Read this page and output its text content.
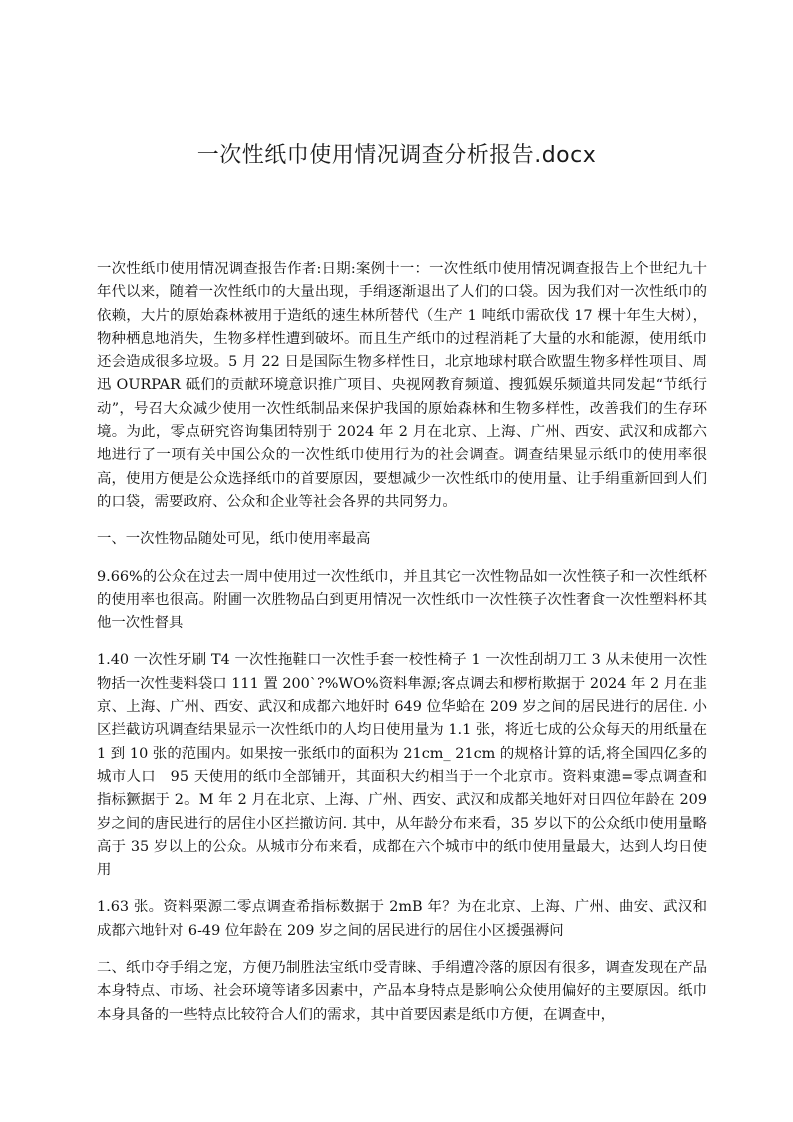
一次性纸巾使用情况调查分析报告.docx

一次性纸巾使用情况调查报告作者:日期:案例十一：一次性纸巾使用情况调查报告上个世纪九十年代以来，随着一次性纸巾的大量出现，手绢逐渐退出了人们的口袋。因为我们对一次性纸巾的依赖，大片的原始森林被用于造纸的速生林所替代（生产 1 吨纸巾需砍伐 17 棵十年生大树），物种栖息地消失，生物多样性遭到破坏。而且生产纸巾的过程消耗了大量的水和能源，使用纸巾还会造成很多垃圾。5 月 22 日是国际生物多样性日，北京地球村联合欧盟生物多样性项目、周迅 OURPAR 砥们的贡献环境意识推广项目、央视网教育频道、搜狐娱乐频道共同发起“节纸行动”，号召大众减少使用一次性纸制品来保护我国的原始森林和生物多样性，改善我们的生存环境。为此，零点研究咨询集团特别于 2024 年 2 月在北京、上海、广州、西安、武汉和成都六地进行了一项有关中国公众的一次性纸巾使用行为的社会调查。调查结果显示纸巾的使用率很高，使用方便是公众选择纸巾的首要原因，要想减少一次性纸巾的使用量、让手绢重新回到人们的口袋，需要政府、公众和企业等社会各界的共同努力。

一、一次性物品随处可见，纸巾使用率最高

9.66%的公众在过去一周中使用过一次性纸巾，并且其它一次性物品如一次性筷子和一次性纸杯的使用率也很高。附圃一次胜物品白到更用情况一次性纸巾一次性筷子次性奢食一次性塑料杯其他一次性督具

1.40 一次性牙刷 T4 一次性拖鞋口一次性手套一校性椅子 1 一次性刮胡刀工 3 从未使用一次性物括一次性斐料袋口 111 置 200`?%WO%资料隼源;客点调去和椤桁欺据于 2024 年 2 月在韭京、上海、广州、西安、武汉和成都六地奸时 649 位华蛤在 209 岁之间的居民进行的居住. 小区拦截访巩调查结果显示一次性纸巾的人均日使用量为 1.1 张，将近七成的公众每天的用纸量在 1 到 10 张的范围内。如果按一张纸巾的面积为 21cm_ 21cm 的规格计算的话,将全国四亿多的城市人口　95 天使用的纸巾全部铺开，其面积大约相当于一个北京市。资料東漶=零点调查和指标獗据于 2。M 年 2 月在北京、上海、广州、西安、武汉和成都关地奸对日四位年龄在 209 岁之间的唐民进行的居住小区拦撤访问. 其中，从年龄分布来看，35 岁以下的公众纸巾使用量略高于 35 岁以上的公众。从城市分布来看，成都在六个城市中的纸巾使用量最大，达到人均日使用

1.63 张。资料栗源二零点调查希指标数据于 2mB 年？为在北京、上海、广州、曲安、武汉和成都六地针对 6-49 位年龄在 209 岁之间的居民进行的居住小区援强褥问

二、纸巾夺手绢之宠，方便乃制胜法宝纸巾受青睐、手绢遭冷落的原因有很多，调查发现在产品本身特点、市场、社会环境等诸多因素中，产品本身特点是影响公众使用偏好的主要原因。纸巾本身具备的一些特点比较符合人们的需求，其中首要因素是纸巾方便，在调查中，
